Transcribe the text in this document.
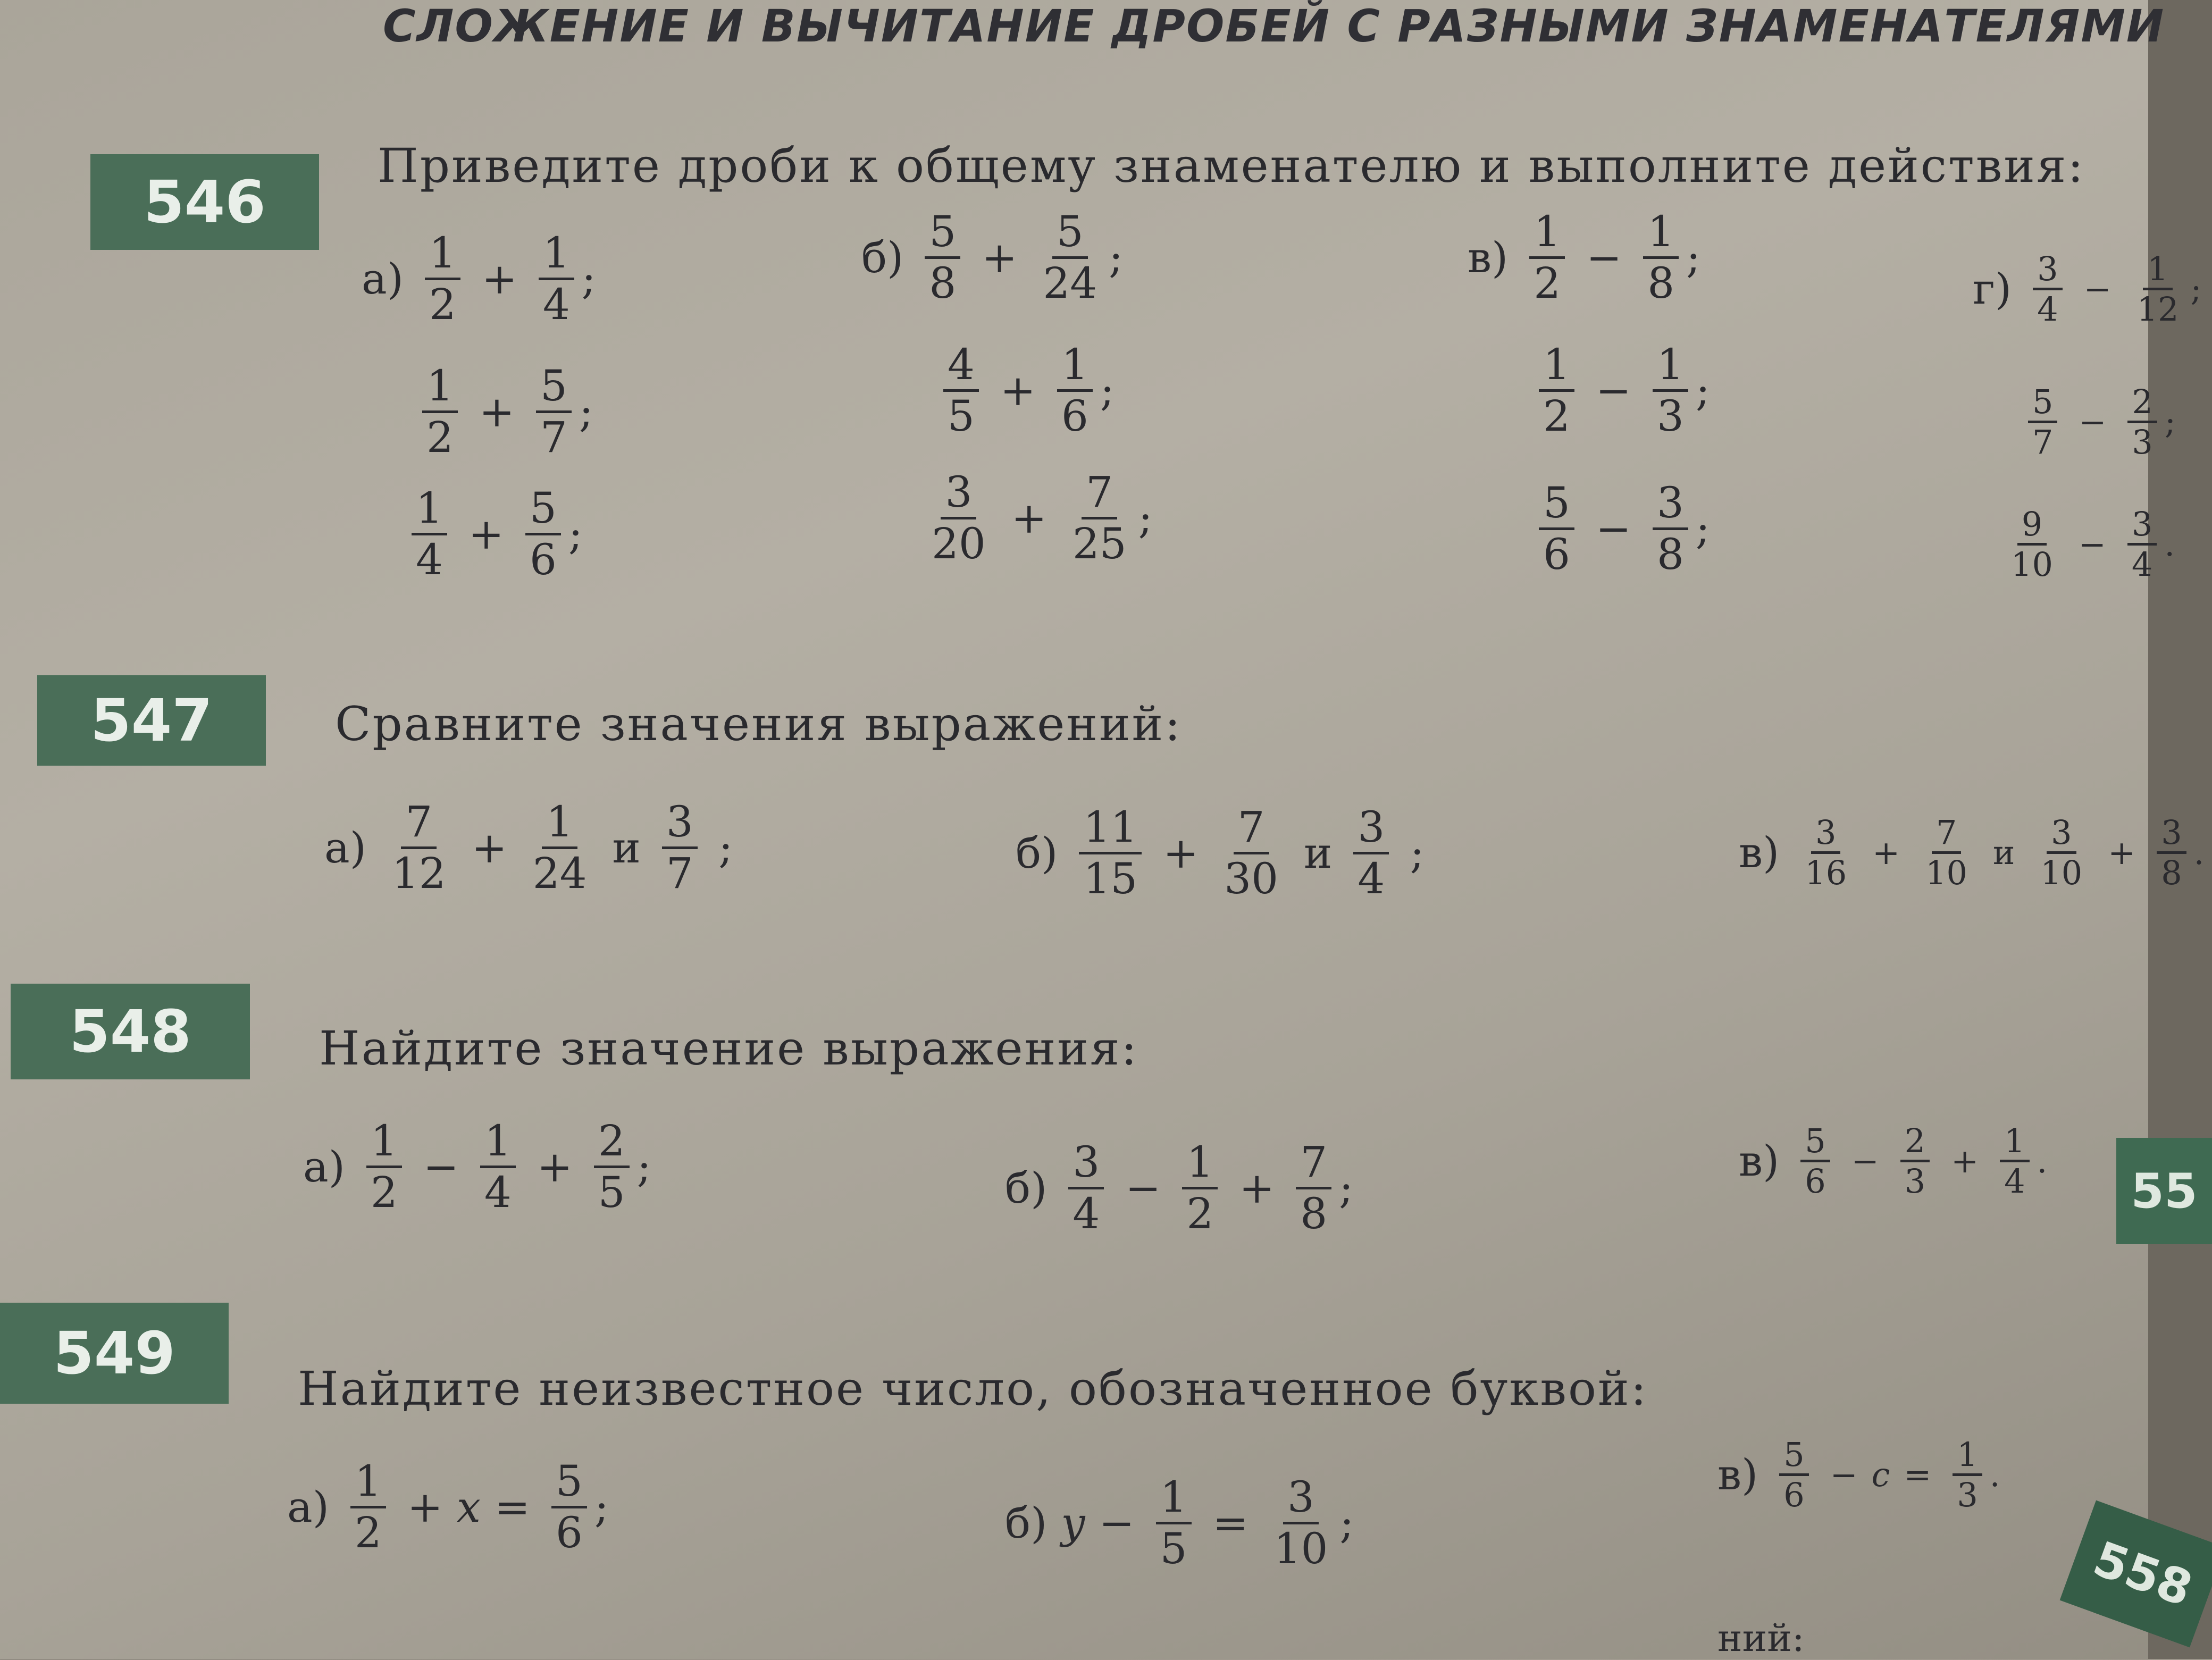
СЛОЖЕНИЕ И ВЫЧИТАНИЕ ДРОБЕЙ С РАЗНЫМИ ЗНАМЕНАТЕЛЯМИ
546
Приведите дроби к общему знаменателю и выполните действия:
$а) \frac{1}{2} + \frac{1}{4}$ ;
$\frac{1}{2} + \frac{5}{7}$ ;
$\frac{1}{4} + \frac{5}{6}$ ;
$б) \frac{5}{8} + \frac{5}{24}$ ;
$\frac{4}{5} + \frac{1}{6}$ ;
$\frac{3}{20} + \frac{7}{25}$ ;
$в) \frac{1}{2} - \frac{1}{8}$ ;
$\frac{1}{2} - \frac{1}{3}$ ;
$\frac{5}{6} - \frac{3}{8}$ ;
$г) \frac{3}{4} - \frac{1}{12}$ ;
$\frac{5}{7} - \frac{2}{3}$ ;
$\frac{9}{10} - \frac{3}{4}$ .
547	Сравните значения выражений:
$а) \frac{7}{12} + \frac{1}{24}$ и $\frac{3}{7}$ ;	$б) \frac{11}{15} + \frac{7}{30}$ и $\frac{3}{4}$ ;	$в) \frac{3}{16} + \frac{7}{10}$ и $\frac{3}{10} + \frac{3}{8}$ .
548	Найдите значение выражения:
$а) \frac{1}{2} - \frac{1}{4} + \frac{2}{5}$ ;	$б) \frac{3}{4} - \frac{1}{2} + \frac{7}{8}$ ;
$в) \frac{5}{6} - \frac{2}{3} + \frac{1}{4}$ .
549
Найдите неизвестное число, обозначенное буквой:
$а) \frac{1}{2} + x = \frac{5}{6}$ ;	б) $y - \frac{1}{5} = \frac{3}{10}$ ;
$в) \frac{5}{6} - c = \frac{1}{3}$ .
55
558
ний:
